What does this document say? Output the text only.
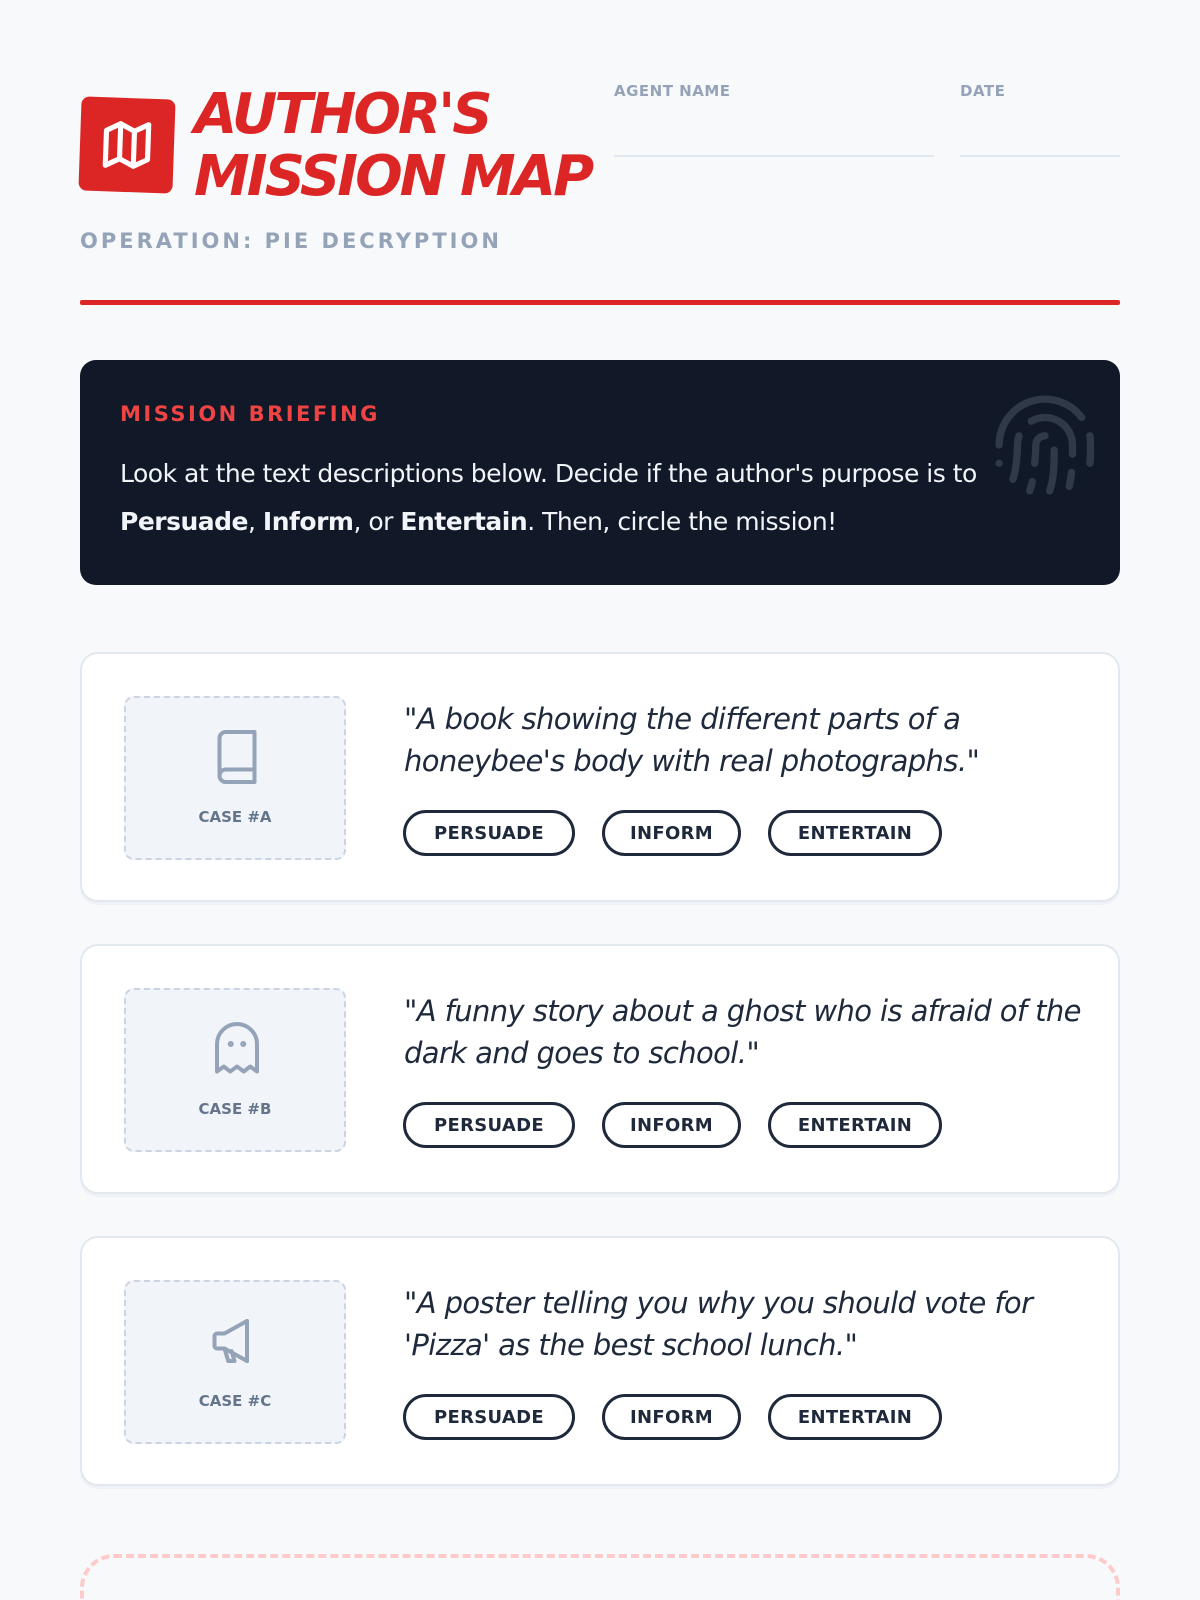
AUTHOR'S
MISSION MAP
OPERATION: PIE DECRYPTION
AGENT NAME	DATE
MISSION BRIEFING
Look at the text descriptions below. Decide if the author's purpose is to Persuade, Inform, or Entertain. Then, circle the mission!
CASE #A
"A book showing the different parts of a honeybee's body with real photographs."
PERSUADE	INFORM	ENTERTAIN
CASE #B
"A funny story about a ghost who is afraid of the dark and goes to school."
PERSUADE	INFORM	ENTERTAIN
CASE #C
"A poster telling you why you should vote for 'Pizza' as the best school lunch."
PERSUADE	INFORM	ENTERTAIN
